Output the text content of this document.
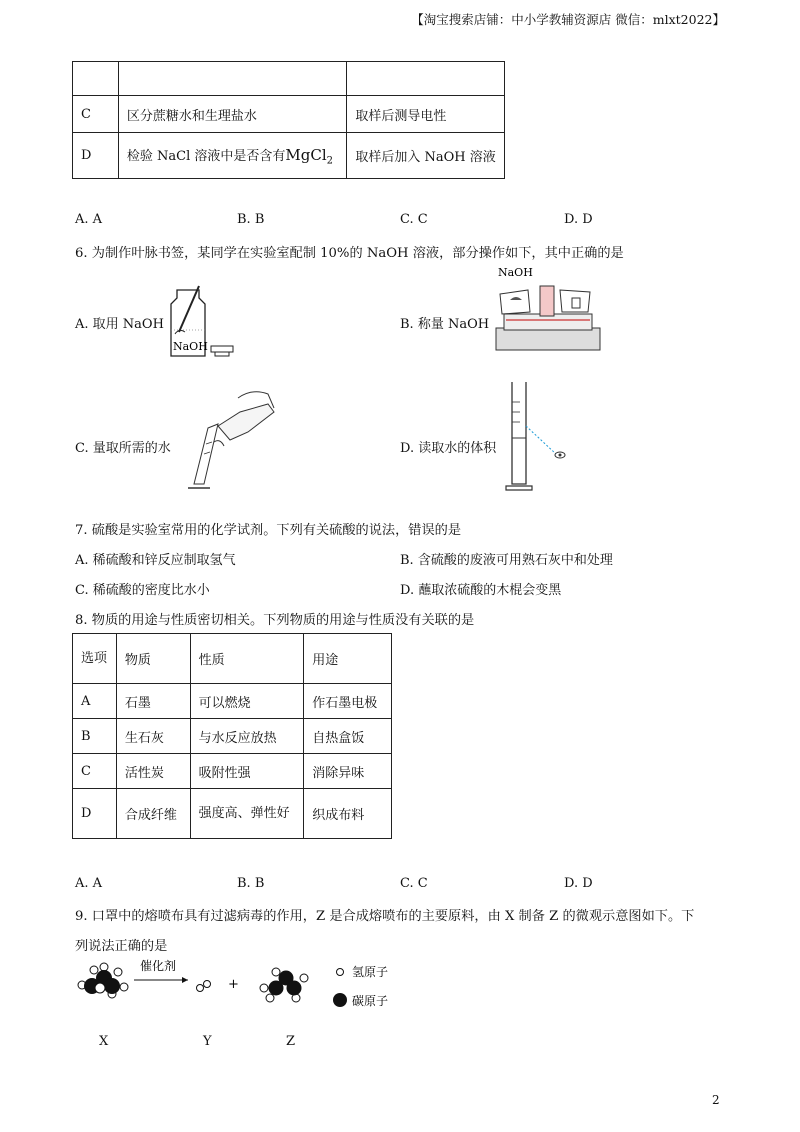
【淘宝搜索店铺：中小学教辅资源店 微信：mlxt2022】

C	区分蔗糖水和生理盐水	取样后测导电性
D	检验 NaCl 溶液中是否含有MgCl$_2$	取样后加入 NaOH 溶液
A. A	B. B	C. C	D. D
6. 为制作叶脉书签，某同学在实验室配制 10%的 NaOH 溶液，部分操作如下，其中正确的是
A. 取用 NaOH
NaOH
B. 称量 NaOH
NaOH
C. 量取所需的水	D. 读取水的体积
7. 硫酸是实验室常用的化学试剂。下列有关硫酸的说法，错误的是
A. 稀硫酸和锌反应制取氢气	B. 含硫酸的废液可用熟石灰中和处理
C. 稀硫酸的密度比水小	D. 蘸取浓硫酸的木棍会变黑
8. 物质的用途与性质密切相关。下列物质的用途与性质没有关联的是
选项	物质	性质	用途
A	石墨	可以燃烧	作石墨电极
B	生石灰	与水反应放热	自热盒饭
C	活性炭	吸附性强	消除异味
D	合成纤维	强度高、弹性好	织成布料
A. A	B. B	C. C	D. D
9. 口罩中的熔喷布具有过滤病毒的作用，Z 是合成熔喷布的主要原料，由 X 制备 Z 的微观示意图如下。下
列说法正确的是
催化剂
+
氢原子
碳原子
X	Y	Z
2
